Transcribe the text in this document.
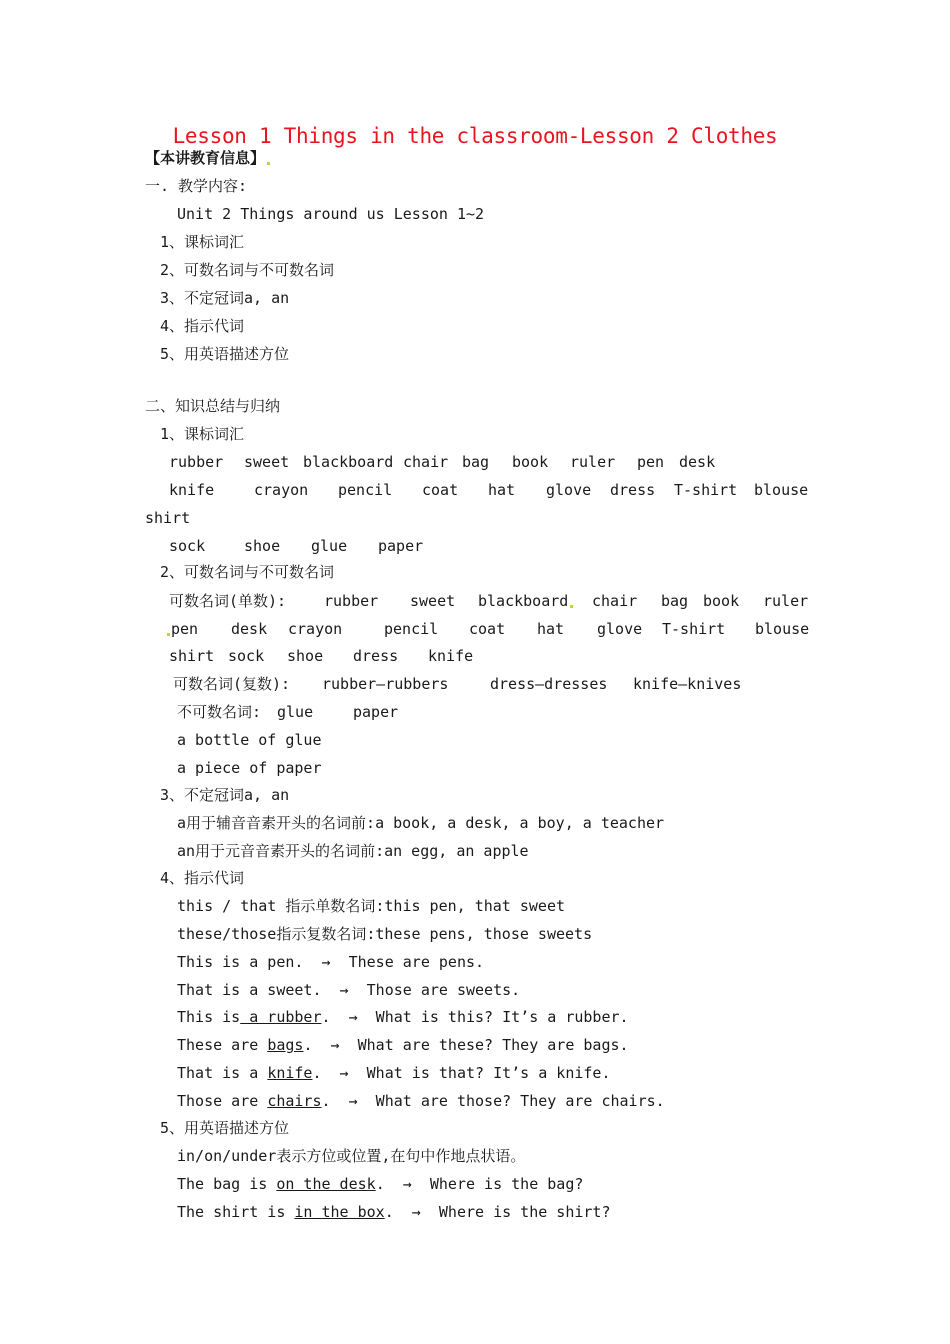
Lesson 1 Things in the classroom-Lesson 2 Clothes
【本讲教育信息】
一. 教学内容:
Unit 2 Things around us Lesson 1~2
1、课标词汇
2、可数名词与不可数名词
3、不定冠词a, an
4、指示代词
5、用英语描述方位
二、知识总结与归纳
1、课标词汇
rubber sweet blackboard chair bag book ruler pen desk
knife	crayon pencil coat hat glove dress T-shirt blouse
shirt
sock	shoe glue paper
2、可数名词与不可数名词
可数名词(单数):	rubber sweet blackboard	chair bag book ruler
pen desk crayon	pencil coat hat glove T-shirt blouse
shirt sock shoe dress knife
可数名词(复数): rubber—rubbers	dress—dresses knife—knives
不可数名词: glue	paper
a bottle of glue
a piece of paper
3、不定冠词a, an
a用于辅音音素开头的名词前:a book, a desk, a boy, a teacher
an用于元音音素开头的名词前:an egg, an apple
4、指示代词
this / that 指示单数名词:this pen, that sweet
these/those指示复数名词:these pens, those sweets
This is a pen.  →  These are pens.
That is a sweet.  →  Those are sweets.
This is a rubber.  →  What is this? It’s a rubber.
These are bags.  →  What are these? They are bags.
That is a knife.  →  What is that? It’s a knife.
Those are chairs.  →  What are those? They are chairs.
5、用英语描述方位
in/on/under表示方位或位置,在句中作地点状语。
The bag is on the desk.  →  Where is the bag?
The shirt is in the box.  →  Where is the shirt?
